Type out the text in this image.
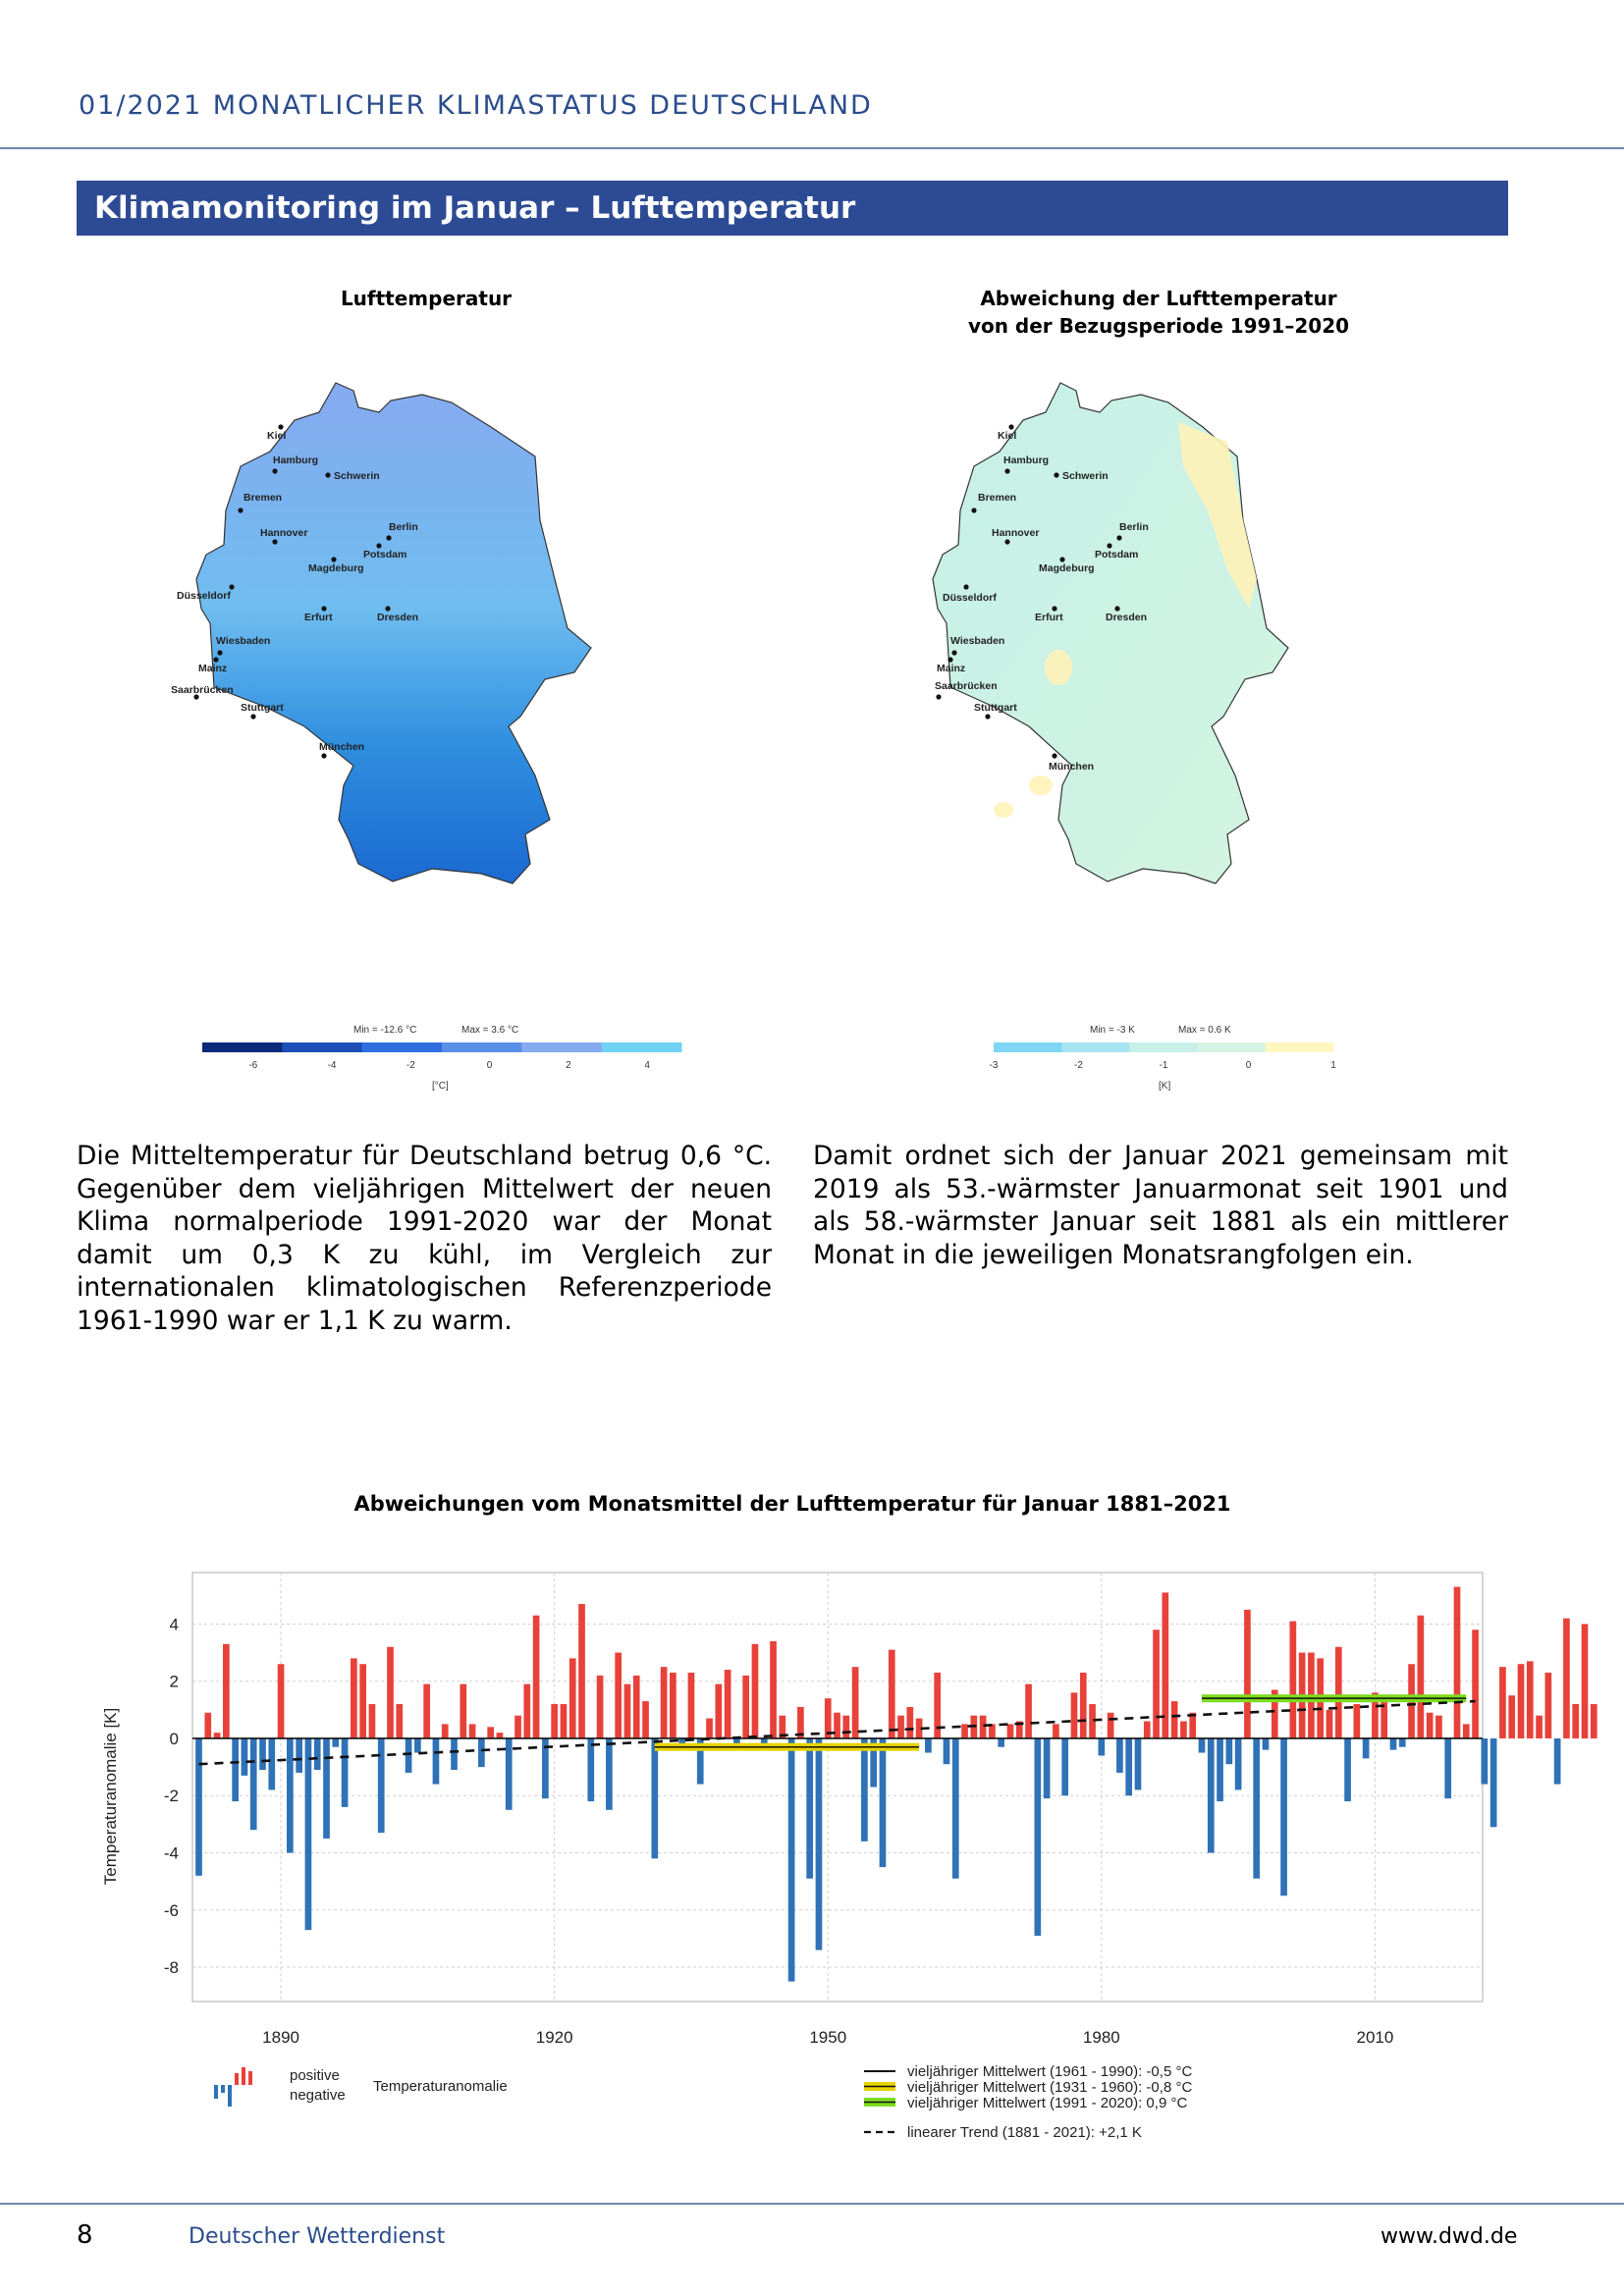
01/2021 MONATLICHER KLIMASTATUS DEUTSCHLAND
Klimamonitoring im Januar – Lufttemperatur
Lufttemperatur
Kiel
Hamburg
Schwerin
Bremen
Berlin
Hannover
Potsdam
Magdeburg
Düsseldorf
Erfurt	Dresden
Wiesbaden
Mainz
Saarbrücken
Stuttgart
München
Min = -12.6 °C	Max = 3.6 °C
-6	-4	-2	0	2	4
[°C]
Abweichung der Lufttemperatur
von der Bezugsperiode 1991–2020
Kiel
Hamburg
Schwerin
Bremen
Berlin
Hannover
Potsdam
Magdeburg
Düsseldorf
Erfurt	Dresden
Wiesbaden
Mainz
Saarbrücken
Stuttgart
München
Min = -3 K	Max = 0.6 K
-3	-2	-1	0	1
[K]
Die Mitteltemperatur für Deutschland betrug 0,6 °C. Gegenüber dem vieljährigen Mittelwert der neuen Klima normalperiode 1991-2020 war der Monat damit um 0,3 K zu kühl, im Vergleich zur internationalen klimatologischen Referenzperiode 1961-1990 war er 1,1 K zu warm.
Damit ordnet sich der Januar 2021 gemeinsam mit 2019 als 53.-wärmster Januarmonat seit 1901 und als 58.-wärmster Januar seit 1881 als ein mittlerer Monat in die jeweiligen Monatsrangfolgen ein.
Abweichungen vom Monatsmittel der Lufttemperatur für Januar 1881–2021
4
2
0
-2
-4
-6
-8
1890	1920	1950	1980	2010
Temperaturanomalie [K]
positive
negative
Temperaturanomalie
vieljähriger Mittelwert (1961 - 1990): -0,5 °C
vieljähriger Mittelwert (1931 - 1960): -0,8 °C
vieljähriger Mittelwert (1991 - 2020): 0,9 °C
linearer Trend (1881 - 2021): +2,1 K
8	Deutscher Wetterdienst	www.dwd.de
